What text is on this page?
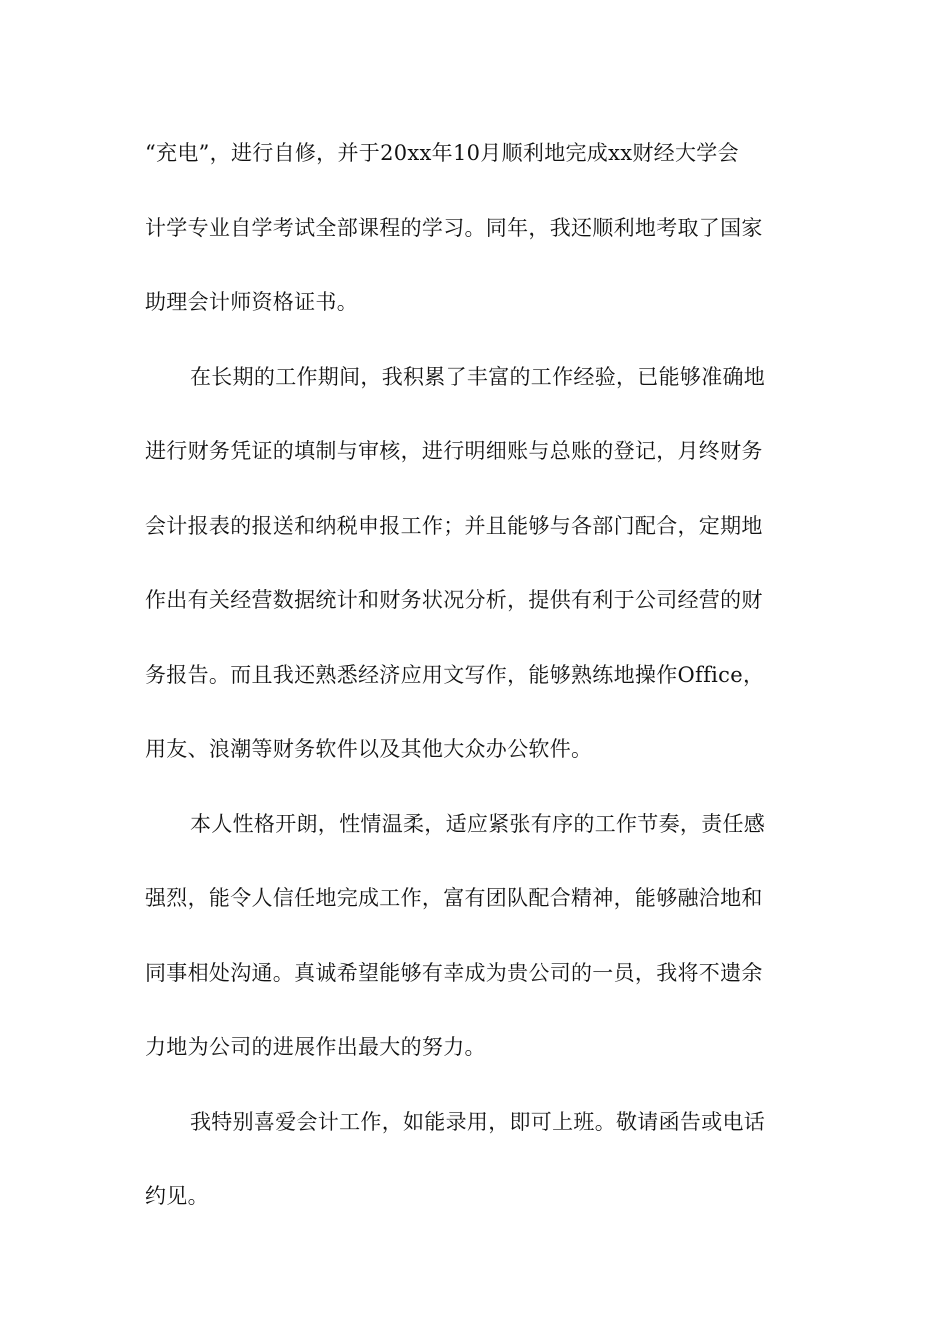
“充电”，进行自修，并于20xx年10月顺利地完成xx财经大学会
计学专业自学考试全部课程的学习。同年，我还顺利地考取了国家
助理会计师资格证书。
在长期的工作期间，我积累了丰富的工作经验，已能够准确地
进行财务凭证的填制与审核，进行明细账与总账的登记，月终财务
会计报表的报送和纳税申报工作；并且能够与各部门配合，定期地
作出有关经营数据统计和财务状况分析，提供有利于公司经营的财
务报告。而且我还熟悉经济应用文写作，能够熟练地操作Office，
用友、浪潮等财务软件以及其他大众办公软件。
本人性格开朗，性情温柔，适应紧张有序的工作节奏，责任感
强烈，能令人信任地完成工作，富有团队配合精神，能够融洽地和
同事相处沟通。真诚希望能够有幸成为贵公司的一员，我将不遗余
力地为公司的进展作出最大的努力。
我特别喜爱会计工作，如能录用，即可上班。敬请函告或电话
约见。
